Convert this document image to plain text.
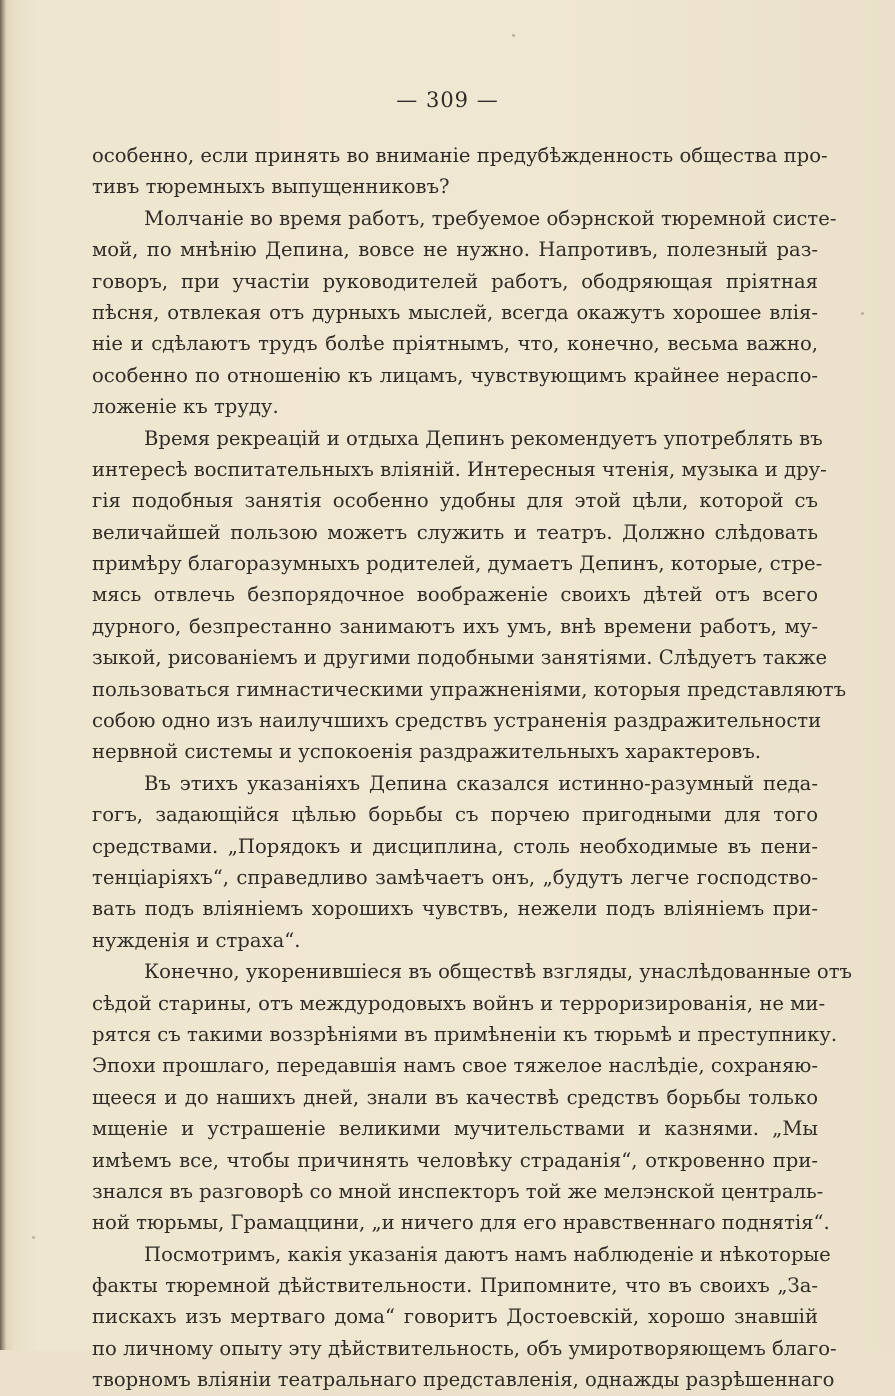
— 309 —
особенно, если принять во вниманіе предубѣжденность общества про-
тивъ тюремныхъ выпущенниковъ?
Молчаніе во время работъ, требуемое обэрнской тюремной систе-
мой, по мнѣнію Депина, вовсе не нужно. Напротивъ, полезный раз-
говоръ, при участіи руководителей работъ, ободряющая пріятная
пѣсня, отвлекая отъ дурныхъ мыслей, всегда окажутъ хорошее влія-
ніе и сдѣлаютъ трудъ болѣе пріятнымъ, что, конечно, весьма важно,
особенно по отношенію къ лицамъ, чувствующимъ крайнее нераспо-
ложеніе къ труду.
Время рекреацій и отдыха Депинъ рекомендуетъ употреблять въ
интересѣ воспитательныхъ вліяній. Интересныя чтенія, музыка и дру-
гія подобныя занятія особенно удобны для этой цѣли, которой съ
величайшей пользою можетъ служить и театръ. Должно слѣдовать
примѣру благоразумныхъ родителей, думаетъ Депинъ, которые, стре-
мясь отвлечь безпорядочное воображеніе своихъ дѣтей отъ всего
дурного, безпрестанно занимаютъ ихъ умъ, внѣ времени работъ, му-
зыкой, рисованіемъ и другими подобными занятіями. Слѣдуетъ также
пользоваться гимнастическими упражненіями, которыя представляютъ
собою одно изъ наилучшихъ средствъ устраненія раздражительности
нервной системы и успокоенія раздражительныхъ характеровъ.
Въ этихъ указаніяхъ Депина сказался истинно-разумный педа-
гогъ, задающійся цѣлью борьбы съ порчею пригодными для того
средствами. „Порядокъ и дисциплина, столь необходимые въ пени-
тенціаріяхъ“, справедливо замѣчаетъ онъ, „будутъ легче господство-
вать подъ вліяніемъ хорошихъ чувствъ, нежели подъ вліяніемъ при-
нужденія и страха“.
Конечно, укоренившіеся въ обществѣ взгляды, унаслѣдованные отъ
сѣдой старины, отъ междуродовыхъ войнъ и терроризированія, не ми-
рятся съ такими воззрѣніями въ примѣненіи къ тюрьмѣ и преступнику.
Эпохи прошлаго, передавшія намъ свое тяжелое наслѣдіе, сохраняю-
щееся и до нашихъ дней, знали въ качествѣ средствъ борьбы только
мщеніе и устрашеніе великими мучительствами и казнями. „Мы
имѣемъ все, чтобы причинять человѣку страданія“, откровенно при-
знался въ разговорѣ со мной инспекторъ той же мелэнской централь-
ной тюрьмы, Грамаццини, „и ничего для его нравственнаго поднятія“.
Посмотримъ, какія указанія даютъ намъ наблюденіе и нѣкоторые
факты тюремной дѣйствительности. Припомните, что въ своихъ „За-
пискахъ изъ мертваго дома“ говоритъ Достоевскій, хорошо знавшій
по личному опыту эту дѣйствительность, объ умиротворяющемъ благо-
творномъ вліяніи театральнаго представленія, однажды разрѣшеннаго
